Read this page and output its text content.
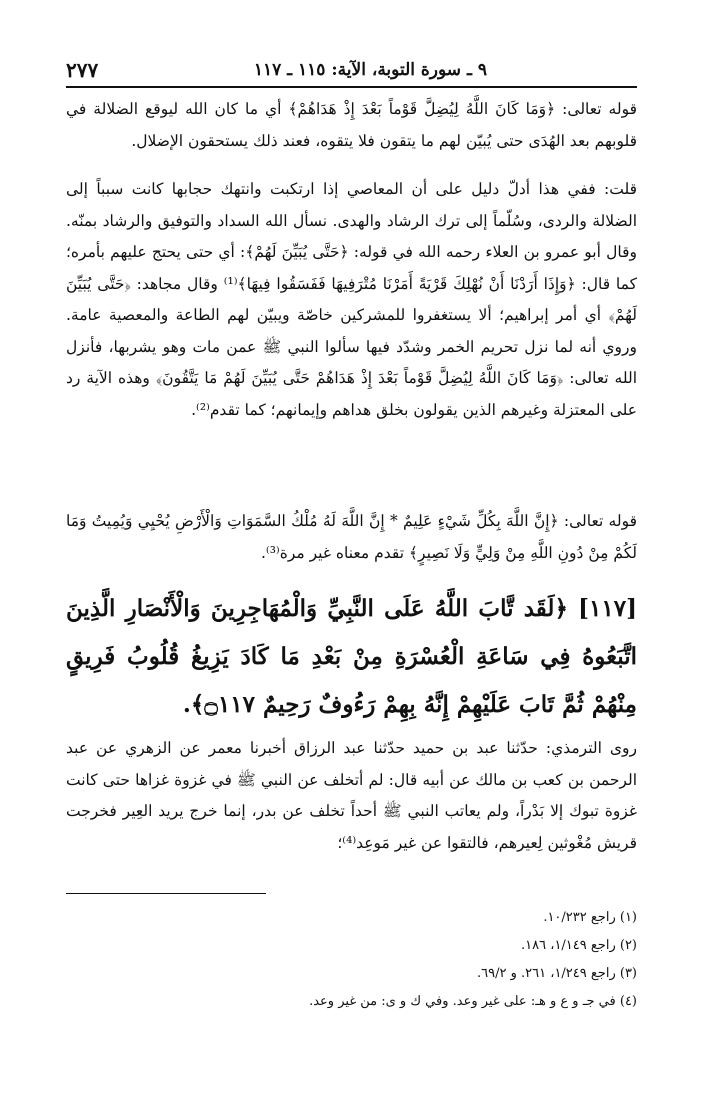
٩ ـ سورة التوبة، الآية: ١١٥ ـ ١١٧
٢٧٧

قوله تعالى: ﴿وَمَا كَانَ اللَّهُ لِيُضِلَّ قَوْماً بَعْدَ إِذْ هَدَاهُمْ﴾ أي ما كان الله ليوقع الضلالة في قلوبهم بعد الهُدَى حتى يُبيّن لهم ما يتقون فلا يتقوه، فعند ذلك يستحقون الإضلال.

قلت: ففي هذا أدلّ دليل على أن المعاصي إذا ارتكبت وانتهك حجابها كانت سبباً إلى الضلالة والردى، وسُلّماً إلى ترك الرشاد والهدى. نسأل الله السداد والتوفيق والرشاد بمنّه. وقال أبو عمرو بن العلاء رحمه الله في قوله: ﴿حَتَّى يُبَيِّنَ لَهُمْ﴾: أي حتى يحتج عليهم بأمره؛ كما قال: ﴿وَإِذَا أَرَدْنَا أَنْ نُهْلِكَ قَرْيَةً أَمَرْنَا مُتْرَفِيهَا فَفَسَقُوا فِيهَا﴾⁽¹⁾ وقال مجاهد: ﴿حَتَّى يُبَيِّنَ لَهُمْ﴾ أي أمر إبراهيم؛ ألا يستغفروا للمشركين خاصّة ويبيّن لهم الطاعة والمعصية عامة. وروي أنه لما نزل تحريم الخمر وشدّد فيها سألوا النبي ﷺ عمن مات وهو يشربها، فأنزل الله تعالى: ﴿وَمَا كَانَ اللَّهُ لِيُضِلَّ قَوْماً بَعْدَ إِذْ هَدَاهُمْ حَتَّى يُبَيِّنَ لَهُمْ مَا يَتَّقُونَ﴾ وهذه الآية رد على المعتزلة وغيرهم الذين يقولون بخلق هداهم وإيمانهم؛ كما تقدم⁽²⁾.

قوله تعالى: ﴿إِنَّ اللَّهَ بِكُلِّ شَيْءٍ عَلِيمٌ * إِنَّ اللَّهَ لَهُ مُلْكُ السَّمَوَاتِ وَالْأَرْضِ يُحْيِي وَيُمِيتُ وَمَا لَكُمْ مِنْ دُونِ اللَّهِ مِنْ وَلِيٍّ وَلَا نَصِيرٍ﴾ تقدم معناه غير مرة⁽³⁾.

[١١٧] ﴿لَقَد تَّابَ اللَّهُ عَلَى النَّبِيِّ وَالْمُهَاجِرِينَ وَالْأَنْصَارِ الَّذِينَ اتَّبَعُوهُ فِي سَاعَةِ الْعُسْرَةِ مِنْ بَعْدِ مَا كَادَ يَزِيغُ قُلُوبُ فَرِيقٍ مِنْهُمْ ثُمَّ تَابَ عَلَيْهِمْ إِنَّهُ بِهِمْ رَءُوفٌ رَحِيمٌ ۝١١٧﴾.

روى الترمذي: حدّثنا عبد بن حميد حدّثنا عبد الرزاق أخبرنا معمر عن الزهري عن عبد الرحمن بن كعب بن مالك عن أبيه قال: لم أتخلف عن النبي ﷺ في غزوة غزاها حتى كانت غزوة تبوك إلا بَدْراً، ولم يعاتب النبي ﷺ أحداً تخلف عن بدر، إنما خرج يريد العِير فخرجت قريش مُغْوثين لِعيرهم، فالتقوا عن غير مَوعِد⁽⁴⁾؛

(١) راجع ١٠/٢٣٢.
(٢) راجع ١/١٤٩، ١٨٦.
(٣) راجع ١/٢٤٩، ٢٦١. و ٦٩/٢.
(٤) في جـ و ع و هـ: على غير وعد. وفي ك و ى: من غير وعد.
